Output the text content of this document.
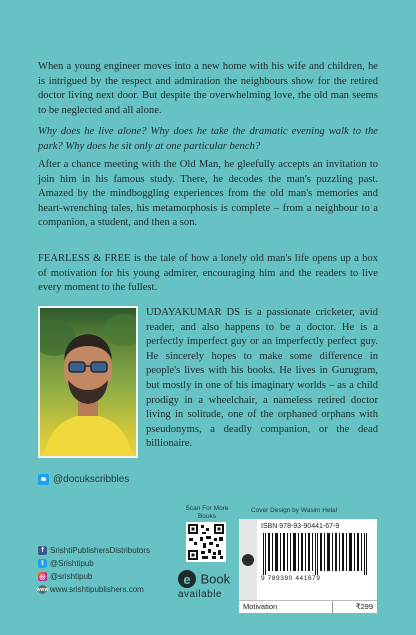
When a young engineer moves into a new home with his wife and children, he is intrigued by the respect and admiration the neighbours show for the retired doctor living next door. But despite the overwhelming love, the old man seems to be neglected and all alone.

Why does he live alone? Why does he take the dramatic evening walk to the park? Why does he sit only at one particular bench?

After a chance meeting with the Old Man, he gleefully accepts an invitation to join him in his famous study. There, he decodes the man's puzzling past. Amazed by the mindboggling experiences from the old man's memories and heart-wrenching tales, his metamorphosis is complete – from a neighbour to a companion, a student, and then a son.

FEARLESS & FREE is the tale of how a lonely old man's life opens up a box of motivation for his young admirer, encouraging him and the readers to live every moment to the fullest.

UDAYAKUMAR DS is a passionate cricketer, avid reader, and also happens to be a doctor. He is a perfectly imperfect guy or an imperfectly perfect guy. He sincerely hopes to make some difference in people's lives with his books. He lives in Gurugram, but mostly in one of his imaginary worlds – as a child prodigy in a wheelchair, a nameless retired doctor living in solitude, one of the orphaned orphans with pseudonyms, a deadly companion, or the dead billionaire.

@docukscribbles
f SrishtiPublishersDistributors
t @Srishtipub
◎ @srishtipub
www www.srishtipublishers.com
Scan For More Books
e Book
available
Cover Design by Wasim Helal
ISBN 978-93-90441-67-9
9 789390 441679
Motivation	₹299
